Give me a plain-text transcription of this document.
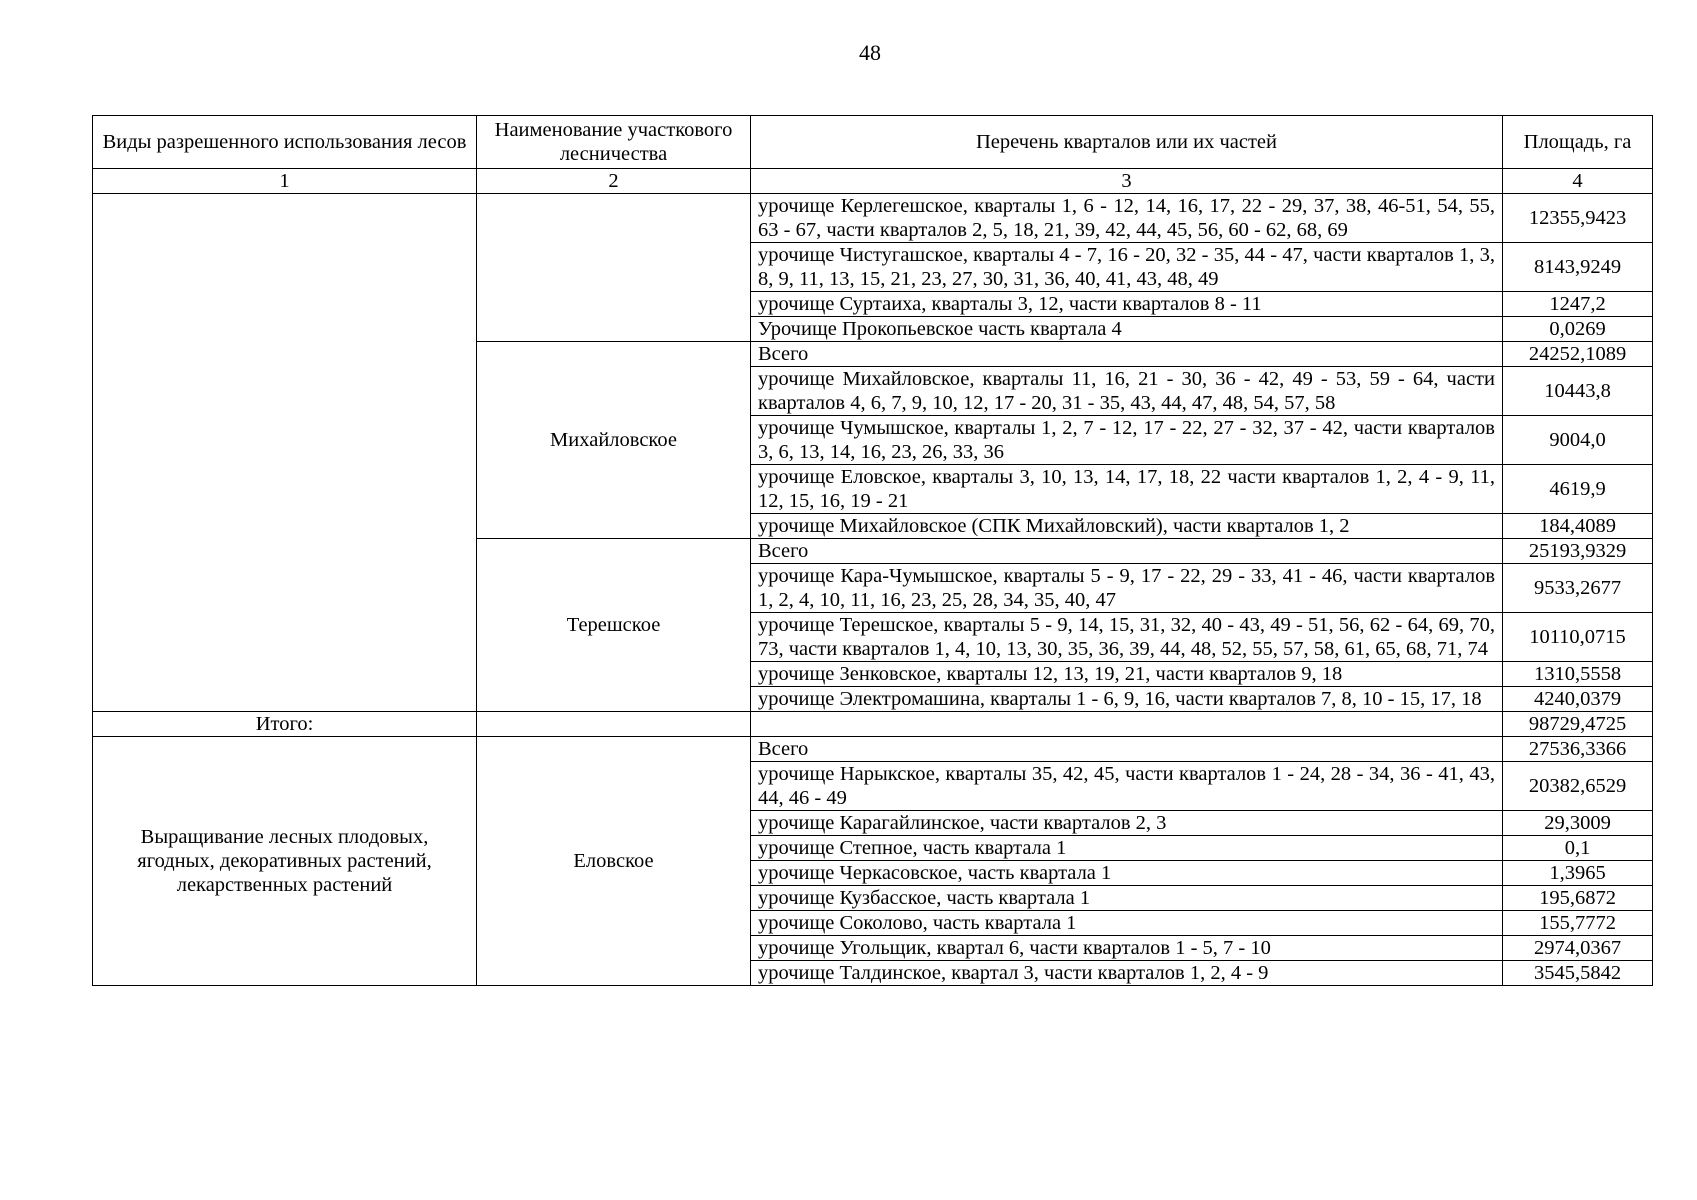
48
Виды разрешенного использования лесов	Наименование участкового лесничества	Перечень кварталов или их частей	Площадь, га
1	2	3	4
		урочище Керлегешское, кварталы 1, 6 - 12, 14, 16, 17, 22 - 29, 37, 38, 46-51, 54, 55, 63 - 67, части кварталов 2, 5, 18, 21, 39, 42, 44, 45, 56, 60 - 62, 68, 69	12355,9423
		урочище Чистугашское, кварталы 4 - 7, 16 - 20, 32 - 35, 44 - 47, части кварталов 1, 3, 8, 9, 11, 13, 15, 21, 23, 27, 30, 31, 36, 40, 41, 43, 48, 49	8143,9249
		урочище Суртаиха, кварталы 3, 12, части кварталов 8 - 11	1247,2
		Урочище Прокопьевское часть квартала 4	0,0269
	Михайловское	Всего	24252,1089
		урочище Михайловское, кварталы 11, 16, 21 - 30, 36 - 42, 49 - 53, 59 - 64, части кварталов 4, 6, 7, 9, 10, 12, 17 - 20, 31 - 35, 43, 44, 47, 48, 54, 57, 58	10443,8
		урочище Чумышское, кварталы 1, 2, 7 - 12, 17 - 22, 27 - 32, 37 - 42, части кварталов 3, 6, 13, 14, 16, 23, 26, 33, 36	9004,0
		урочище Еловское, кварталы 3, 10, 13, 14, 17, 18, 22 части кварталов 1, 2, 4 - 9, 11, 12, 15, 16, 19 - 21	4619,9
		урочище Михайловское (СПК Михайловский), части кварталов 1, 2	184,4089
	Терешское	Всего	25193,9329
		урочище Кара-Чумышское, кварталы 5 - 9, 17 - 22, 29 - 33, 41 - 46, части кварталов 1, 2, 4, 10, 11, 16, 23, 25, 28, 34, 35, 40, 47	9533,2677
		урочище Терешское, кварталы 5 - 9, 14, 15, 31, 32, 40 - 43, 49 - 51, 56, 62 - 64, 69, 70, 73, части кварталов 1, 4, 10, 13, 30, 35, 36, 39, 44, 48, 52, 55, 57, 58, 61, 65, 68, 71, 74	10110,0715
		урочище Зенковское, кварталы 12, 13, 19, 21, части кварталов 9, 18	1310,5558
		урочище Электромашина, кварталы 1 - 6, 9, 16, части кварталов 7, 8, 10 - 15, 17, 18	4240,0379
Итого:			98729,4725
Выращивание лесных плодовых, ягодных, декоративных растений, лекарственных растений	Еловское	Всего	27536,3366
		урочище Нарыкское, кварталы 35, 42, 45, части кварталов 1 - 24, 28 - 34, 36 - 41, 43, 44, 46 - 49	20382,6529
		урочище Карагайлинское, части кварталов 2, 3	29,3009
		урочище Степное, часть квартала 1	0,1
		урочище Черкасовское, часть квартала 1	1,3965
		урочище Кузбасское, часть квартала 1	195,6872
		урочище Соколово, часть квартала 1	155,7772
		урочище Угольщик, квартал 6, части кварталов 1 - 5, 7 - 10	2974,0367
		урочище Талдинское, квартал 3, части кварталов 1, 2, 4 - 9	3545,5842
